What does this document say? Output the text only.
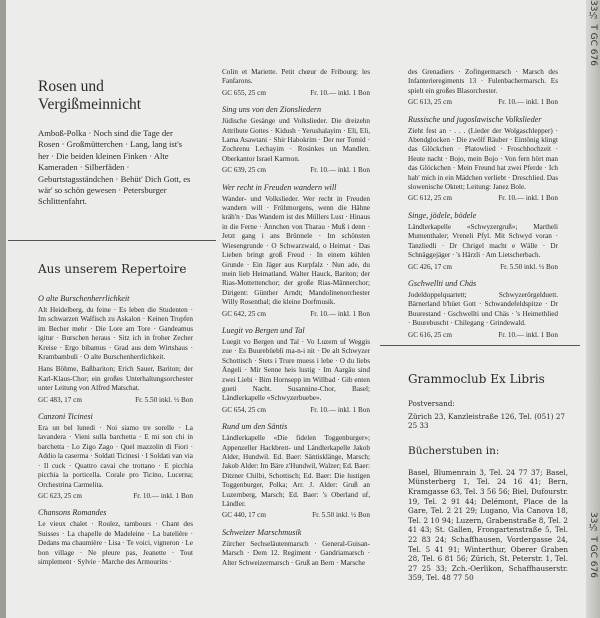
33⅓ T GC 676
33⅓ T GC 676
Rosen und Vergißmeinnicht
Amboß-Polka · Noch sind die Tage der Rosen · Großmütterchen · Lang, lang ist's her · Die beiden kleinen Finken · Alte Kameraden · Silberfäden · Geburtstagsständchen · Behüt' Dich Gott, es wär' so schön gewesen · Petersburger Schlittenfahrt.
Aus unserem Repertoire
O alte Burschenherrlichkeit
Alt Heidelberg, du feine · Es leben die Studenten · Im schwarzen Walfisch zu Askalon · Keinen Tropfen im Becher mehr · Die Lore am Tore · Gandeamus igitur · Burschen heraus · Sitz ich in froher Zecher Kreise · Ergo bibamus · Grad aus dem Wirtshaus · Krambambuli · O alte Burschenherrlichkeit.
Hans Böhme, Baßbariton; Erich Sauer, Bariton; der Karl-Klaus-Chor; ein großes Unterhaltungsorchester unter Leitung von Alfred Matschat.
GC 483, 17 cm	Fr. 5.50 inkl. ½ Bon
Canzoni Ticinesi
Era un bel lunedi · Noi siamo tre sorelle · La lavandera · Vieni sulla barchetta · E mi son chi in barchetta · Lo Zigo Zago · Quel mazzolin di Fiori · Addio la caserma · Soldati Ticinesi · I Soldati van via · Il cuck · Quattro cavai che trottano · E picchia picchia la porticella. Corale pro Ticino, Lucerna; Orchestrina Carmelita.
GC 623, 25 cm	Fr. 10.— inkl. 1 Bon
Chansons Romandes
Le vieux chalet · Roulez, tambours · Chant des Suisses · La chapelle de Madeleine · La batelière · Dedans ma chaumière · Lisa · Te voici, vigneron · Le bon village · Ne pleure pas, Jeanette · Tout simplement · Sylvie · Marche des Armourins ·
Colin et Mariette. Petit chœur de Fribourg; les Fanfarons.
GC 655, 25 cm	Fr. 10.— inkl. 1 Bon
Sing uns von den Zionsliedern
Jüdische Gesänge und Volkslieder. Die dreizehn Attribute Gottes · Kidush · Yerushalayim · Eli, Eli, Lama Asawtani · Shir Habokrim · Der ner Tomid · Zochrenu Lechayim · Rosinkes un Mandlen. Oberkantor Israel Karmon.
GC 639, 25 cm	Fr. 10.— inkl. 1 Bon
Wer recht in Freuden wandern will
Wander- und Volkslieder. Wer recht in Freuden wandern will · Frühmorgens, wenn die Hähne kräh'n · Das Wandern ist des Müllers Lust · Hinaus in die Ferne · Ännchen von Tharau · Muß i denn · Jetzt gang i ans Brünnele · Im schönsten Wiesengrunde · O Schwarzwald, o Heimat · Das Lieben bringt groß Freud · In einem kühlen Grunde · Ein Jäger aus Kurpfalz · Nun ade, du mein lieb Heimatland. Walter Hauck, Bariton; der Rias-Mottettenchor; der große Rias-Männerchor; Dirigent: Günther Arndt; Mandolinenorchester Willy Rosenthal; die kleine Dorfmusik.
GC 642, 25 cm	Fr. 10.— inkl. 1 Bon
Luegit vo Bergen und Tal
Luegit vo Bergen und Tal · Vo Luzern uf Weggis zue · Es Buurebüebli ma-n-i nit · De alt Schwyzer Schottisch · Stets i Trure muess i lebe · O du liebs Ängeli · Mir Senne heis lustig · Im Aargäu sind zwei Liebi · Bim Hornsepp im Willbad · Gib enten gueti Nacht. Susannine-Chor, Basel; Ländlerkapelle «Schwyzerbuebe».
GC 654, 25 cm	Fr. 10.— inkl. 1 Bon
Rund um den Säntis
Ländlerkapelle «Die fidelen Toggenburger»; Appenzeller Hackbrett- und Ländlerkapelle Jakob Alder, Hundwil. Ed. Baer: Säntisklänge, Marsch; Jakob Alder: Im Bäre z'Hundwil, Walzer; Ed. Baer: Ditzner Chilbi, Schottisch; Ed. Baer: Die lustigen Toggenburger, Polka; Arr. J. Alder: Gruß an Luzernberg, Marsch; Ed. Baer: 's Oberland uf, Ländler.
GC 440, 17 cm	Fr. 5.50 inkl. ½ Bon
Schweizer Marschmusik
Zürcher Sechseläutenmarsch · General-Guisan-Marsch · Dem 12. Regiment · Gandriamarsch · Alter Schweizermarsch · Gruß an Bern · Marsche
des Grenadiers · Zofingermarsch · Marsch des Infanterieregiments 13 · Fulenbachermarsch. Es spielt ein großes Blasorchester.
GC 613, 25 cm	Fr. 10.— inkl. 1 Bon
Russische und jugoslawische Volkslieder
Zieht fest an · . . . (Lieder der Wolgaschlepper) · Abendglocken · Die zwölf Räuber · Eintönig klingt das Glöckchen · Platowlied · Froschhochzeit · Heute nacht · Bojo, mein Bojo · Von fern hört man das Glöckchen · Mein Freund hat zwei Pferde · Ich hab' mich in ein Mädchen verliebt · Dreschlied. Das slowenische Oktett; Leitung: Janez Bole.
GC 612, 25 cm	Fr. 10.— inkl. 1 Bon
Singe, jödele, bödele
Ländlerkapelle «Schwyzergruß»; Martheli Mumenthaler; Vreneli Pfyl. Mit Schwyd voran · Tanzliedli · Dr Chrigel macht e Wälle · Dr Schnäggejäger · 's Härzli · Am Lietscherbach.
GC 426, 17 cm	Fr. 5.50 inkl. ½ Bon
Gschwellti und Chäs
Jodeldoppelquartett; Schwyzerörgelduett. Bärnerland b'hüet Gott · Schwandefeldspitze · Dr Buurestand · Gschwellti und Chäs · 's Heimethlied · Buurebuscht · Chilegang · Grindewald.
GC 616, 25 cm	Fr. 10.— inkl. 1 Bon
Grammoclub Ex Libris
Postversand:
Zürich 23, Kanzleistraße 126, Tel. (051) 27 25 33
Bücherstuben in:
Basel, Blumenrain 3, Tel. 24 77 37; Basel, Münsterberg 1, Tel. 24 16 41; Bern, Kramgasse 63, Tel. 3 56 56; Biel, Dufourstr. 19, Tel. 2 91 44; Delémont, Place de la Gare, Tel. 2 21 29; Lugano, Via Canova 18, Tel. 2 10 94; Luzern, Grabenstraße 8, Tel. 2 41 43; St. Gallen, Frongartenstraße 5, Tel. 22 83 24; Schaffhausen, Vordergasse 24, Tel. 5 41 91; Winterthur, Oberer Graben 28, Tel. 6 81 56; Zürich, St. Peterstr. 1, Tel. 27 25 33; Zch.-Oerlikon, Schaffhauserstr. 359, Tel. 48 77 50
